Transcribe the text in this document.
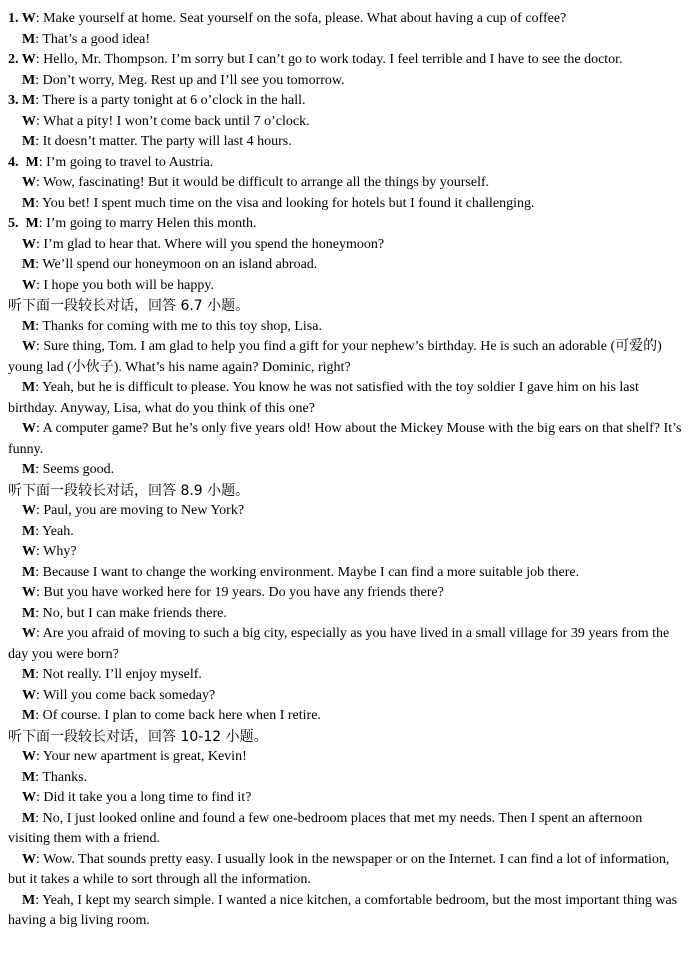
1. W: Make yourself at home. Seat yourself on the sofa, please. What about having a cup of coffee?

M: That’s a good idea!

2. W: Hello, Mr. Thompson. I’m sorry but I can’t go to work today. I feel terrible and I have to see the doctor.

M: Don’t worry, Meg. Rest up and I’ll see you tomorrow.

3. M: There is a party tonight at 6 o’clock in the hall.

W: What a pity! I won’t come back until 7 o’clock.

M: It doesn’t matter. The party will last 4 hours.

4.  M: I’m going to travel to Austria.

W: Wow, fascinating! But it would be difficult to arrange all the things by yourself.

M: You bet! I spent much time on the visa and looking for hotels but I found it challenging.

5.  M: I’m going to marry Helen this month.

W: I’m glad to hear that. Where will you spend the honeymoon?

M: We’ll spend our honeymoon on an island abroad.

W: I hope you both will be happy.

听下面一段较长对话，回答 6.7 小题。

M: Thanks for coming with me to this toy shop, Lisa.

W: Sure thing, Tom. I am glad to help you find a gift for your nephew’s birthday. He is such an adorable (可爱的) young lad (小伙子). What’s his name again? Dominic, right?

M: Yeah, but he is difficult to please. You know he was not satisfied with the toy soldier I gave him on his last birthday. Anyway, Lisa, what do you think of this one?

W: A computer game? But he’s only five years old! How about the Mickey Mouse with the big ears on that shelf? It’s funny.

M: Seems good.

听下面一段较长对话，回答 8.9 小题。

W: Paul, you are moving to New York?

M: Yeah.

W: Why?

M: Because I want to change the working environment. Maybe I can find a more suitable job there.

W: But you have worked here for 19 years. Do you have any friends there?

M: No, but I can make friends there.

W: Are you afraid of moving to such a big city, especially as you have lived in a small village for 39 years from the day you were born?

M: Not really. I’ll enjoy myself.

W: Will you come back someday?

M: Of course. I plan to come back here when I retire.

听下面一段较长对话，回答 10-12 小题。

W: Your new apartment is great, Kevin!

M: Thanks.

W: Did it take you a long time to find it?

M: No, I just looked online and found a few one-bedroom places that met my needs. Then I spent an afternoon visiting them with a friend.

W: Wow. That sounds pretty easy. I usually look in the newspaper or on the Internet. I can find a lot of information, but it takes a while to sort through all the information.

M: Yeah, I kept my search simple. I wanted a nice kitchen, a comfortable bedroom, but the most important thing was having a big living room.
